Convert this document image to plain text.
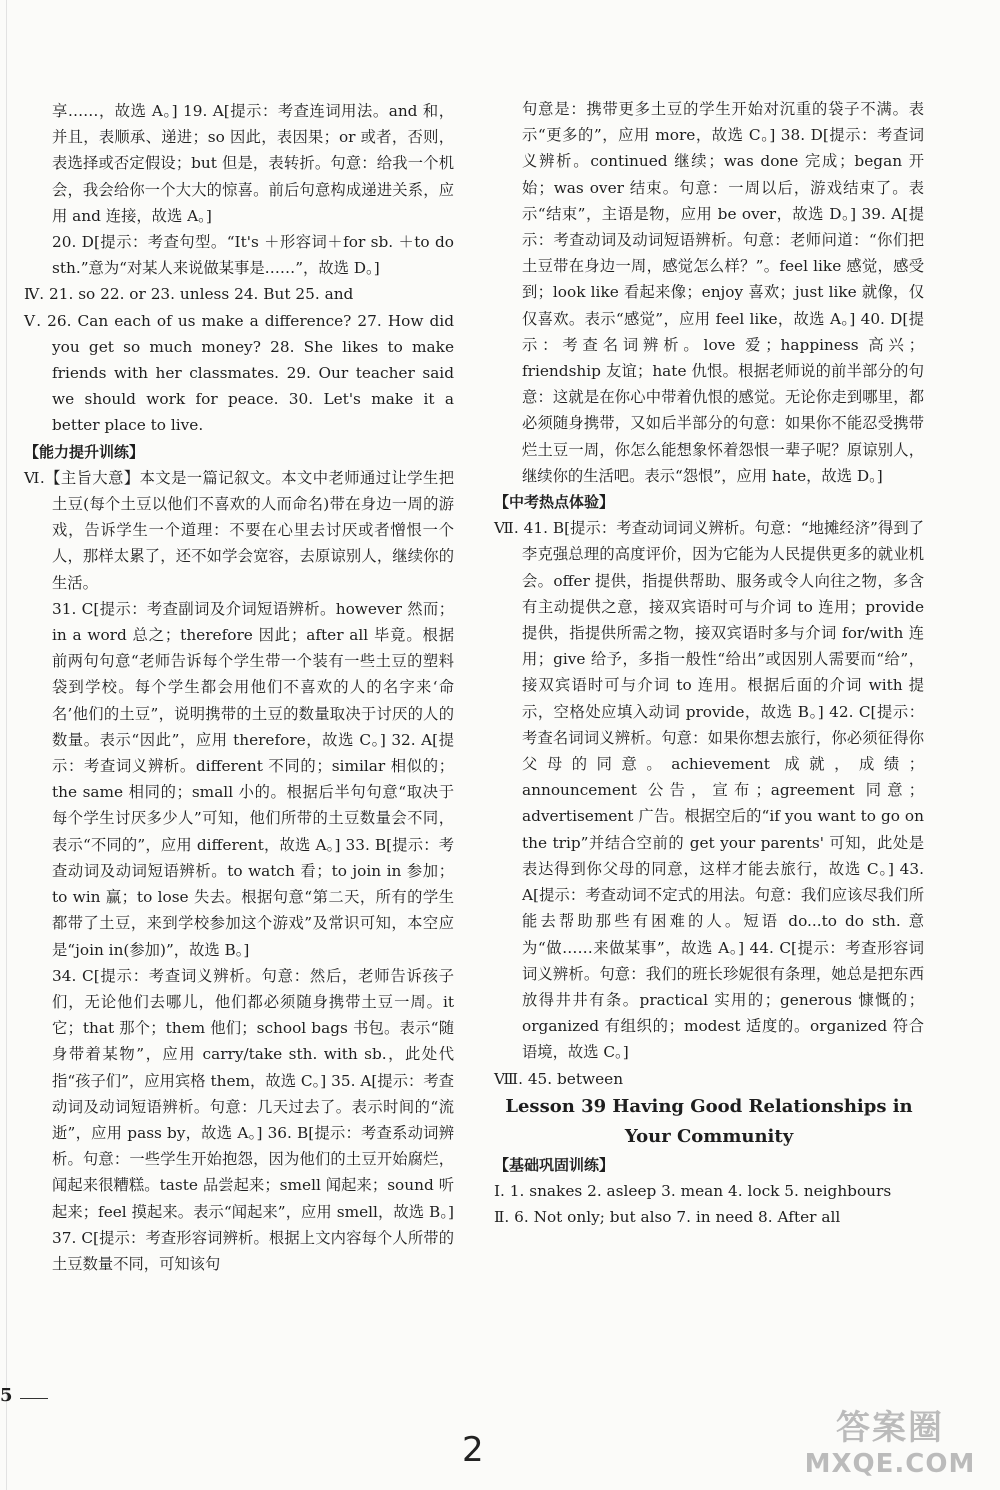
享……，故选 A。] 19. A[提示：考查连词用法。and 和，并且，表顺承、递进；so 因此，表因果；or 或者，否则，表选择或否定假设；but 但是，表转折。句意：给我一个机会，我会给你一个大大的惊喜。前后句意构成递进关系，应用 and 连接，故选 A。]

20. D[提示：考查句型。“It's ＋形容词＋for sb. ＋to do sth.”意为“对某人来说做某事是……”，故选 D。]

Ⅳ. 21. so 22. or 23. unless 24. But 25. and

Ⅴ. 26. Can each of us make a difference? 27. How did you get so much money? 28. She likes to make friends with her classmates. 29. Our teacher said we should work for peace. 30. Let's make it a better place to live.

【能力提升训练】

Ⅵ.【主旨大意】本文是一篇记叙文。本文中老师通过让学生把土豆(每个土豆以他们不喜欢的人而命名)带在身边一周的游戏，告诉学生一个道理：不要在心里去讨厌或者憎恨一个人，那样太累了，还不如学会宽容，去原谅别人，继续你的生活。

31. C[提示：考查副词及介词短语辨析。however 然而；in a word 总之；therefore 因此；after all 毕竟。根据前两句句意“老师告诉每个学生带一个装有一些土豆的塑料袋到学校。每个学生都会用他们不喜欢的人的名字来‘命名’他们的土豆”，说明携带的土豆的数量取决于讨厌的人的数量。表示“因此”，应用 therefore，故选 C。] 32. A[提示：考查词义辨析。different 不同的；similar 相似的；the same 相同的；small 小的。根据后半句句意“取决于每个学生讨厌多少人”可知，他们所带的土豆数量会不同，表示“不同的”，应用 different，故选 A。] 33. B[提示：考查动词及动词短语辨析。to watch 看；to join in 参加；to win 赢；to lose 失去。根据句意“第二天，所有的学生都带了土豆，来到学校参加这个游戏”及常识可知，本空应是“join in(参加)”，故选 B。]

34. C[提示：考查词义辨析。句意：然后，老师告诉孩子们，无论他们去哪儿，他们都必须随身携带土豆一周。it 它；that 那个；them 他们；school bags 书包。表示“随身带着某物”，应用 carry/take sth. with sb.，此处代指“孩子们”，应用宾格 them，故选 C。] 35. A[提示：考查动词及动词短语辨析。句意：几天过去了。表示时间的“流逝”，应用 pass by，故选 A。] 36. B[提示：考查系动词辨析。句意：一些学生开始抱怨，因为他们的土豆开始腐烂，闻起来很糟糕。taste 品尝起来；smell 闻起来；sound 听起来；feel 摸起来。表示“闻起来”，应用 smell，故选 B。] 37. C[提示：考查形容词辨析。根据上文内容每个人所带的土豆数量不同，可知该句

句意是：携带更多土豆的学生开始对沉重的袋子不满。表示“更多的”，应用 more，故选 C。] 38. D[提示：考查词义辨析。continued 继续；was done 完成；began 开始；was over 结束。句意：一周以后，游戏结束了。表示“结束”，主语是物，应用 be over，故选 D。] 39. A[提示：考查动词及动词短语辨析。句意：老师问道：“你们把土豆带在身边一周，感觉怎么样？”。feel like 感觉，感受到；look like 看起来像；enjoy 喜欢；just like 就像，仅仅喜欢。表示“感觉”，应用 feel like，故选 A。] 40. D[提示：考查名词辨析。love 爱；happiness 高兴；friendship 友谊；hate 仇恨。根据老师说的前半部分的句意：这就是在你心中带着仇恨的感觉。无论你走到哪里，都必须随身携带，又如后半部分的句意：如果你不能忍受携带烂土豆一周，你怎么能想象怀着怨恨一辈子呢？原谅别人，继续你的生活吧。表示“怨恨”，应用 hate，故选 D。]

【中考热点体验】

Ⅶ. 41. B[提示：考查动词词义辨析。句意：“地摊经济”得到了李克强总理的高度评价，因为它能为人民提供更多的就业机会。offer 提供，指提供帮助、服务或令人向往之物，多含有主动提供之意，接双宾语时可与介词 to 连用；provide 提供，指提供所需之物，接双宾语时多与介词 for/with 连用；give 给予，多指一般性“给出”或因别人需要而“给”，接双宾语时可与介词 to 连用。根据后面的介词 with 提示，空格处应填入动词 provide，故选 B。] 42. C[提示：考查名词词义辨析。句意：如果你想去旅行，你必须征得你父母的同意。achievement 成就，成绩；announcement 公告，宣布；agreement 同意；advertisement 广告。根据空后的“if you want to go on the trip”并结合空前的 get your parents' 可知，此处是表达得到你父母的同意，这样才能去旅行，故选 C。] 43. A[提示：考查动词不定式的用法。句意：我们应该尽我们所能去帮助那些有困难的人。短语 do...to do sth. 意为“做……来做某事”，故选 A。] 44. C[提示：考查形容词词义辨析。句意：我们的班长珍妮很有条理，她总是把东西放得井井有条。practical 实用的；generous 慷慨的；organized 有组织的；modest 适度的。organized 符合语境，故选 C。]

Ⅷ. 45. between

Lesson 39 Having Good Relationships in Your Community

【基础巩固训练】

Ⅰ. 1. snakes 2. asleep 3. mean 4. lock 5. neighbours

Ⅱ. 6. Not only; but also 7. in need 8. After all

5
2
答案圈
MXQE.COM
